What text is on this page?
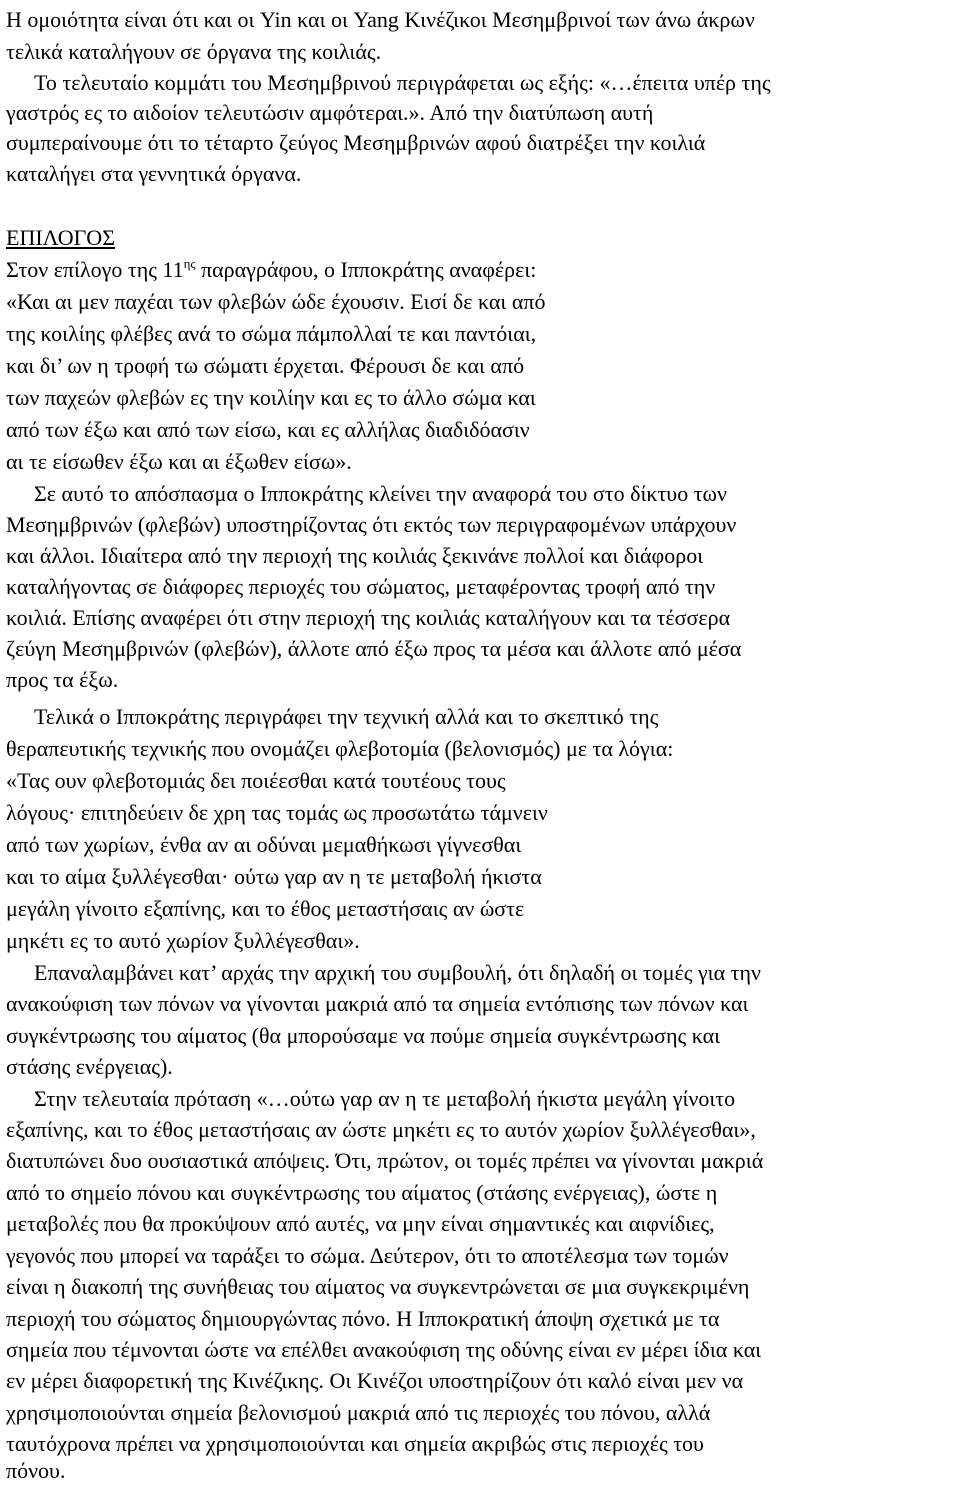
Η ομοιότητα είναι ότι και οι Yin και οι Yang Κινέζικοι Μεσημβρινοί των άνω άκρων
τελικά καταλήγουν σε όργανα της κοιλιάς.
Το τελευταίο κομμάτι του Μεσημβρινού περιγράφεται ως εξής: «…έπειτα υπέρ της
γαστρός ες το αιδοίον τελευτώσιν αμφότεραι.». Από την διατύπωση αυτή
συμπεραίνουμε ότι το τέταρτο ζεύγος Μεσημβρινών αφού διατρέξει την κοιλιά
καταλήγει στα γεννητικά όργανα.
ΕΠΙΛΟΓΟΣ
Στον επίλογο της $11^{\eta\varsigma}$ παραγράφου, ο Ιπποκράτης αναφέρει:
«Και αι μεν παχέαι των φλεβών ώδε έχουσιν. Εισί δε και από
της κοιλίης φλέβες ανά το σώμα πάμπολλαί τε και παντόιαι,
και δι’ ων η τροφή τω σώματι έρχεται. Φέρουσι δε και από
των παχεών φλεβών ες την κοιλίην και ες το άλλο σώμα και
από των έξω και από των είσω, και ες αλλήλας διαδιδόασιν
αι τε είσωθεν έξω και αι έξωθεν είσω».
Σε αυτό το απόσπασμα ο Ιπποκράτης κλείνει την αναφορά του στο δίκτυο των
Μεσημβρινών (φλεβών) υποστηρίζοντας ότι εκτός των περιγραφομένων υπάρχουν
και άλλοι. Ιδιαίτερα από την περιοχή της κοιλιάς ξεκινάνε πολλοί και διάφοροι
καταλήγοντας σε διάφορες περιοχές του σώματος, μεταφέροντας τροφή από την
κοιλιά. Επίσης αναφέρει ότι στην περιοχή της κοιλιάς καταλήγουν και τα τέσσερα
ζεύγη Μεσημβρινών (φλεβών), άλλοτε από έξω προς τα μέσα και άλλοτε από μέσα
προς τα έξω.
Τελικά ο Ιπποκράτης περιγράφει την τεχνική αλλά και το σκεπτικό της
θεραπευτικής τεχνικής που ονομάζει φλεβοτομία (βελονισμός) με τα λόγια:
«Τας ουν φλεβοτομιάς δει ποιέεσθαι κατά τουτέους τους
λόγους· επιτηδεύειν δε χρη τας τομάς ως προσωτάτω τάμνειν
από των χωρίων, ένθα αν αι οδύναι μεμαθήκωσι γίγνεσθαι
και το αίμα ξυλλέγεσθαι· ούτω γαρ αν η τε μεταβολή ήκιστα
μεγάλη γίνοιτο εξαπίνης, και το έθος μεταστήσαις αν ώστε
μηκέτι ες το αυτό χωρίον ξυλλέγεσθαι».
Επαναλαμβάνει κατ’ αρχάς την αρχική του συμβουλή, ότι δηλαδή οι τομές για την
ανακούφιση των πόνων να γίνονται μακριά από τα σημεία εντόπισης των πόνων και
συγκέντρωσης του αίματος (θα μπορούσαμε να πούμε σημεία συγκέντρωσης και
στάσης ενέργειας).
Στην τελευταία πρόταση «…ούτω γαρ αν η τε μεταβολή ήκιστα μεγάλη γίνοιτο
εξαπίνης, και το έθος μεταστήσαις αν ώστε μηκέτι ες το αυτόν χωρίον ξυλλέγεσθαι»,
διατυπώνει δυο ουσιαστικά απόψεις. Ότι, πρώτον, οι τομές πρέπει να γίνονται μακριά
από το σημείο πόνου και συγκέντρωσης του αίματος (στάσης ενέργειας), ώστε η
μεταβολές που θα προκύψουν από αυτές, να μην είναι σημαντικές και αιφνίδιες,
γεγονός που μπορεί να ταράξει το σώμα. Δεύτερον, ότι το αποτέλεσμα των τομών
είναι η διακοπή της συνήθειας του αίματος να συγκεντρώνεται σε μια συγκεκριμένη
περιοχή του σώματος δημιουργώντας πόνο. Η Ιπποκρατική άποψη σχετικά με τα
σημεία που τέμνονται ώστε να επέλθει ανακούφιση της οδύνης είναι εν μέρει ίδια και
εν μέρει διαφορετική της Κινέζικης. Οι Κινέζοι υποστηρίζουν ότι καλό είναι μεν να
χρησιμοποιούνται σημεία βελονισμού μακριά από τις περιοχές του πόνου, αλλά
ταυτόχρονα πρέπει να χρησιμοποιούνται και σημεία ακριβώς στις περιοχές του
πόνου.
